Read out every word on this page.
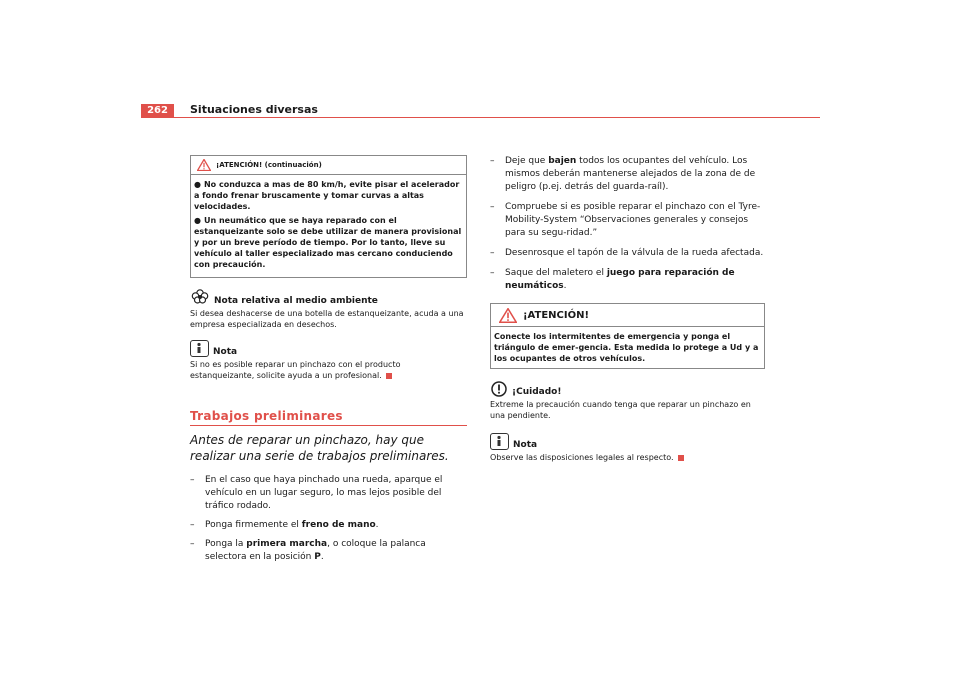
262	Situaciones diversas
¡ATENCIÓN! (continuación)

● No conduzca a mas de 80 km/h, evite pisar el acelerador a fondo frenar bruscamente y tomar curvas a altas velocidades.

● Un neumático que se haya reparado con el estanqueizante solo se debe utilizar de manera provisional y por un breve período de tiempo. Por lo tanto, lleve su vehículo al taller especializado mas cercano conduciendo con precaución.

Nota relativa al medio ambiente

Si desea deshacerse de una botella de estanqueizante, acuda a una empresa especializada en desechos.

Nota

Si no es posible reparar un pinchazo con el producto estanqueizante, solicite ayuda a un profesional.

Trabajos preliminares
Antes de reparar un pinchazo, hay que realizar una serie de trabajos preliminares.
– En el caso que haya pinchado una rueda, aparque el vehículo en un lugar seguro, lo mas lejos posible del tráfico rodado.
– Ponga firmemente el freno de mano.
– Ponga la primera marcha, o coloque la palanca selectora en la posición P.
– Deje que bajen todos los ocupantes del vehículo. Los mismos deberán mantenerse alejados de la zona de de peligro (p.ej. detrás del guarda-raíl).
– Compruebe si es posible reparar el pinchazo con el Tyre-Mobility-System “Observaciones generales y consejos para su segu-ridad.”
– Desenrosque el tapón de la válvula de la rueda afectada.
– Saque del maletero el juego para reparación de neumáticos.
¡ATENCIÓN!
Conecte los intermitentes de emergencia y ponga el triángulo de emer-gencia. Esta medida lo protege a Ud y a los ocupantes de otros vehículos.
¡Cuidado!

Extreme la precaución cuando tenga que reparar un pinchazo en una pendiente.

Nota

Observe las disposiciones legales al respecto.
